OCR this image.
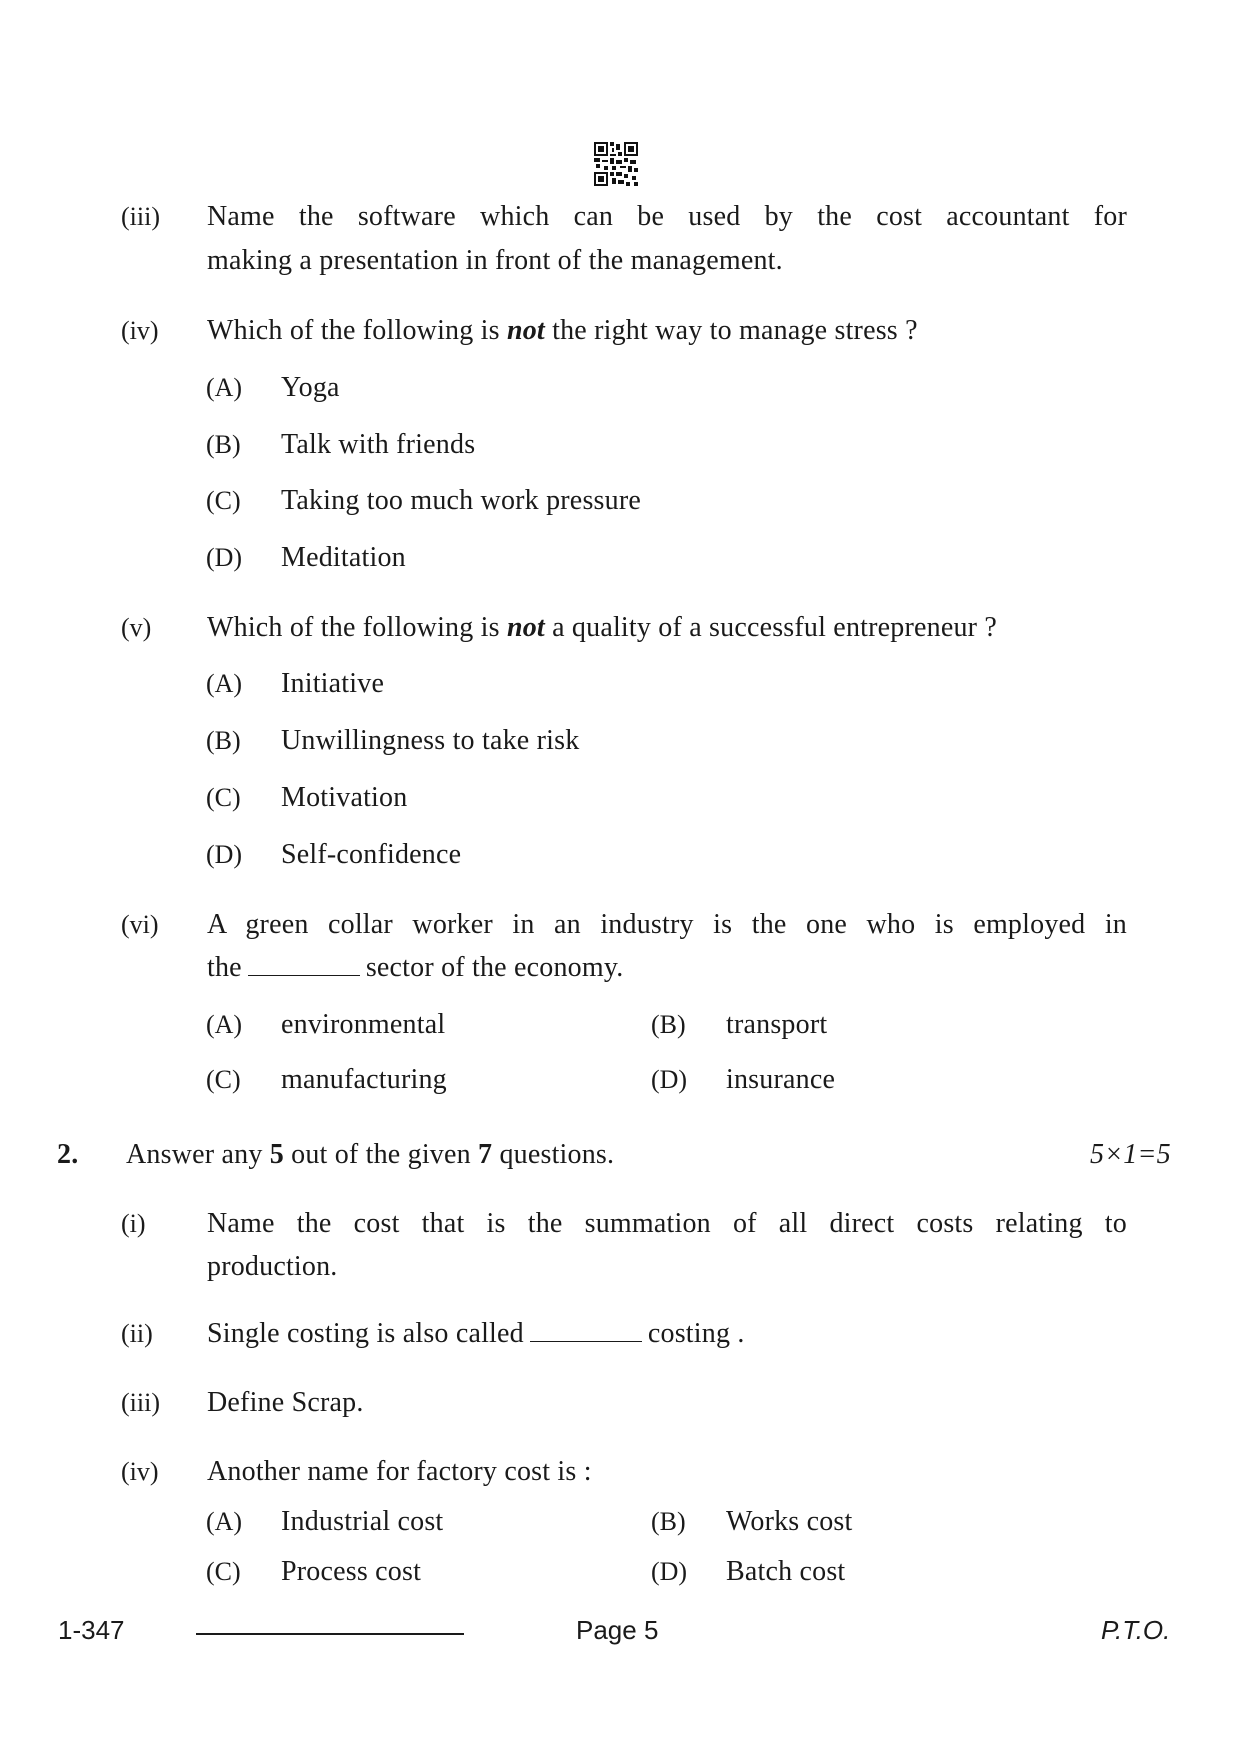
(iii) Name the software which can be used by the cost accountant for
making a presentation in front of the management.
(iv) Which of the following is not the right way to manage stress ?
(A) Yoga
(B) Talk with friends
(C) Taking too much work pressure
(D) Meditation
(v) Which of the following is not a quality of a successful entrepreneur ?
(A) Initiative
(B) Unwillingness to take risk
(C) Motivation
(D) Self-confidence
(vi) A green collar worker in an industry is the one who is employed in
the	sector of the economy.
(A) environmental	(B) transport
(C) manufacturing	(D) insurance
2. Answer any 5 out of the given 7 questions.	5×1=5
(i) Name the cost that is the summation of all direct costs relating to
production.
(ii) Single costing is also called	costing .
(iii) Define Scrap.
(iv) Another name for factory cost is :
(A) Industrial cost	(B) Works cost
(C) Process cost	(D) Batch cost
1-347	Page 5	P.T.O.
